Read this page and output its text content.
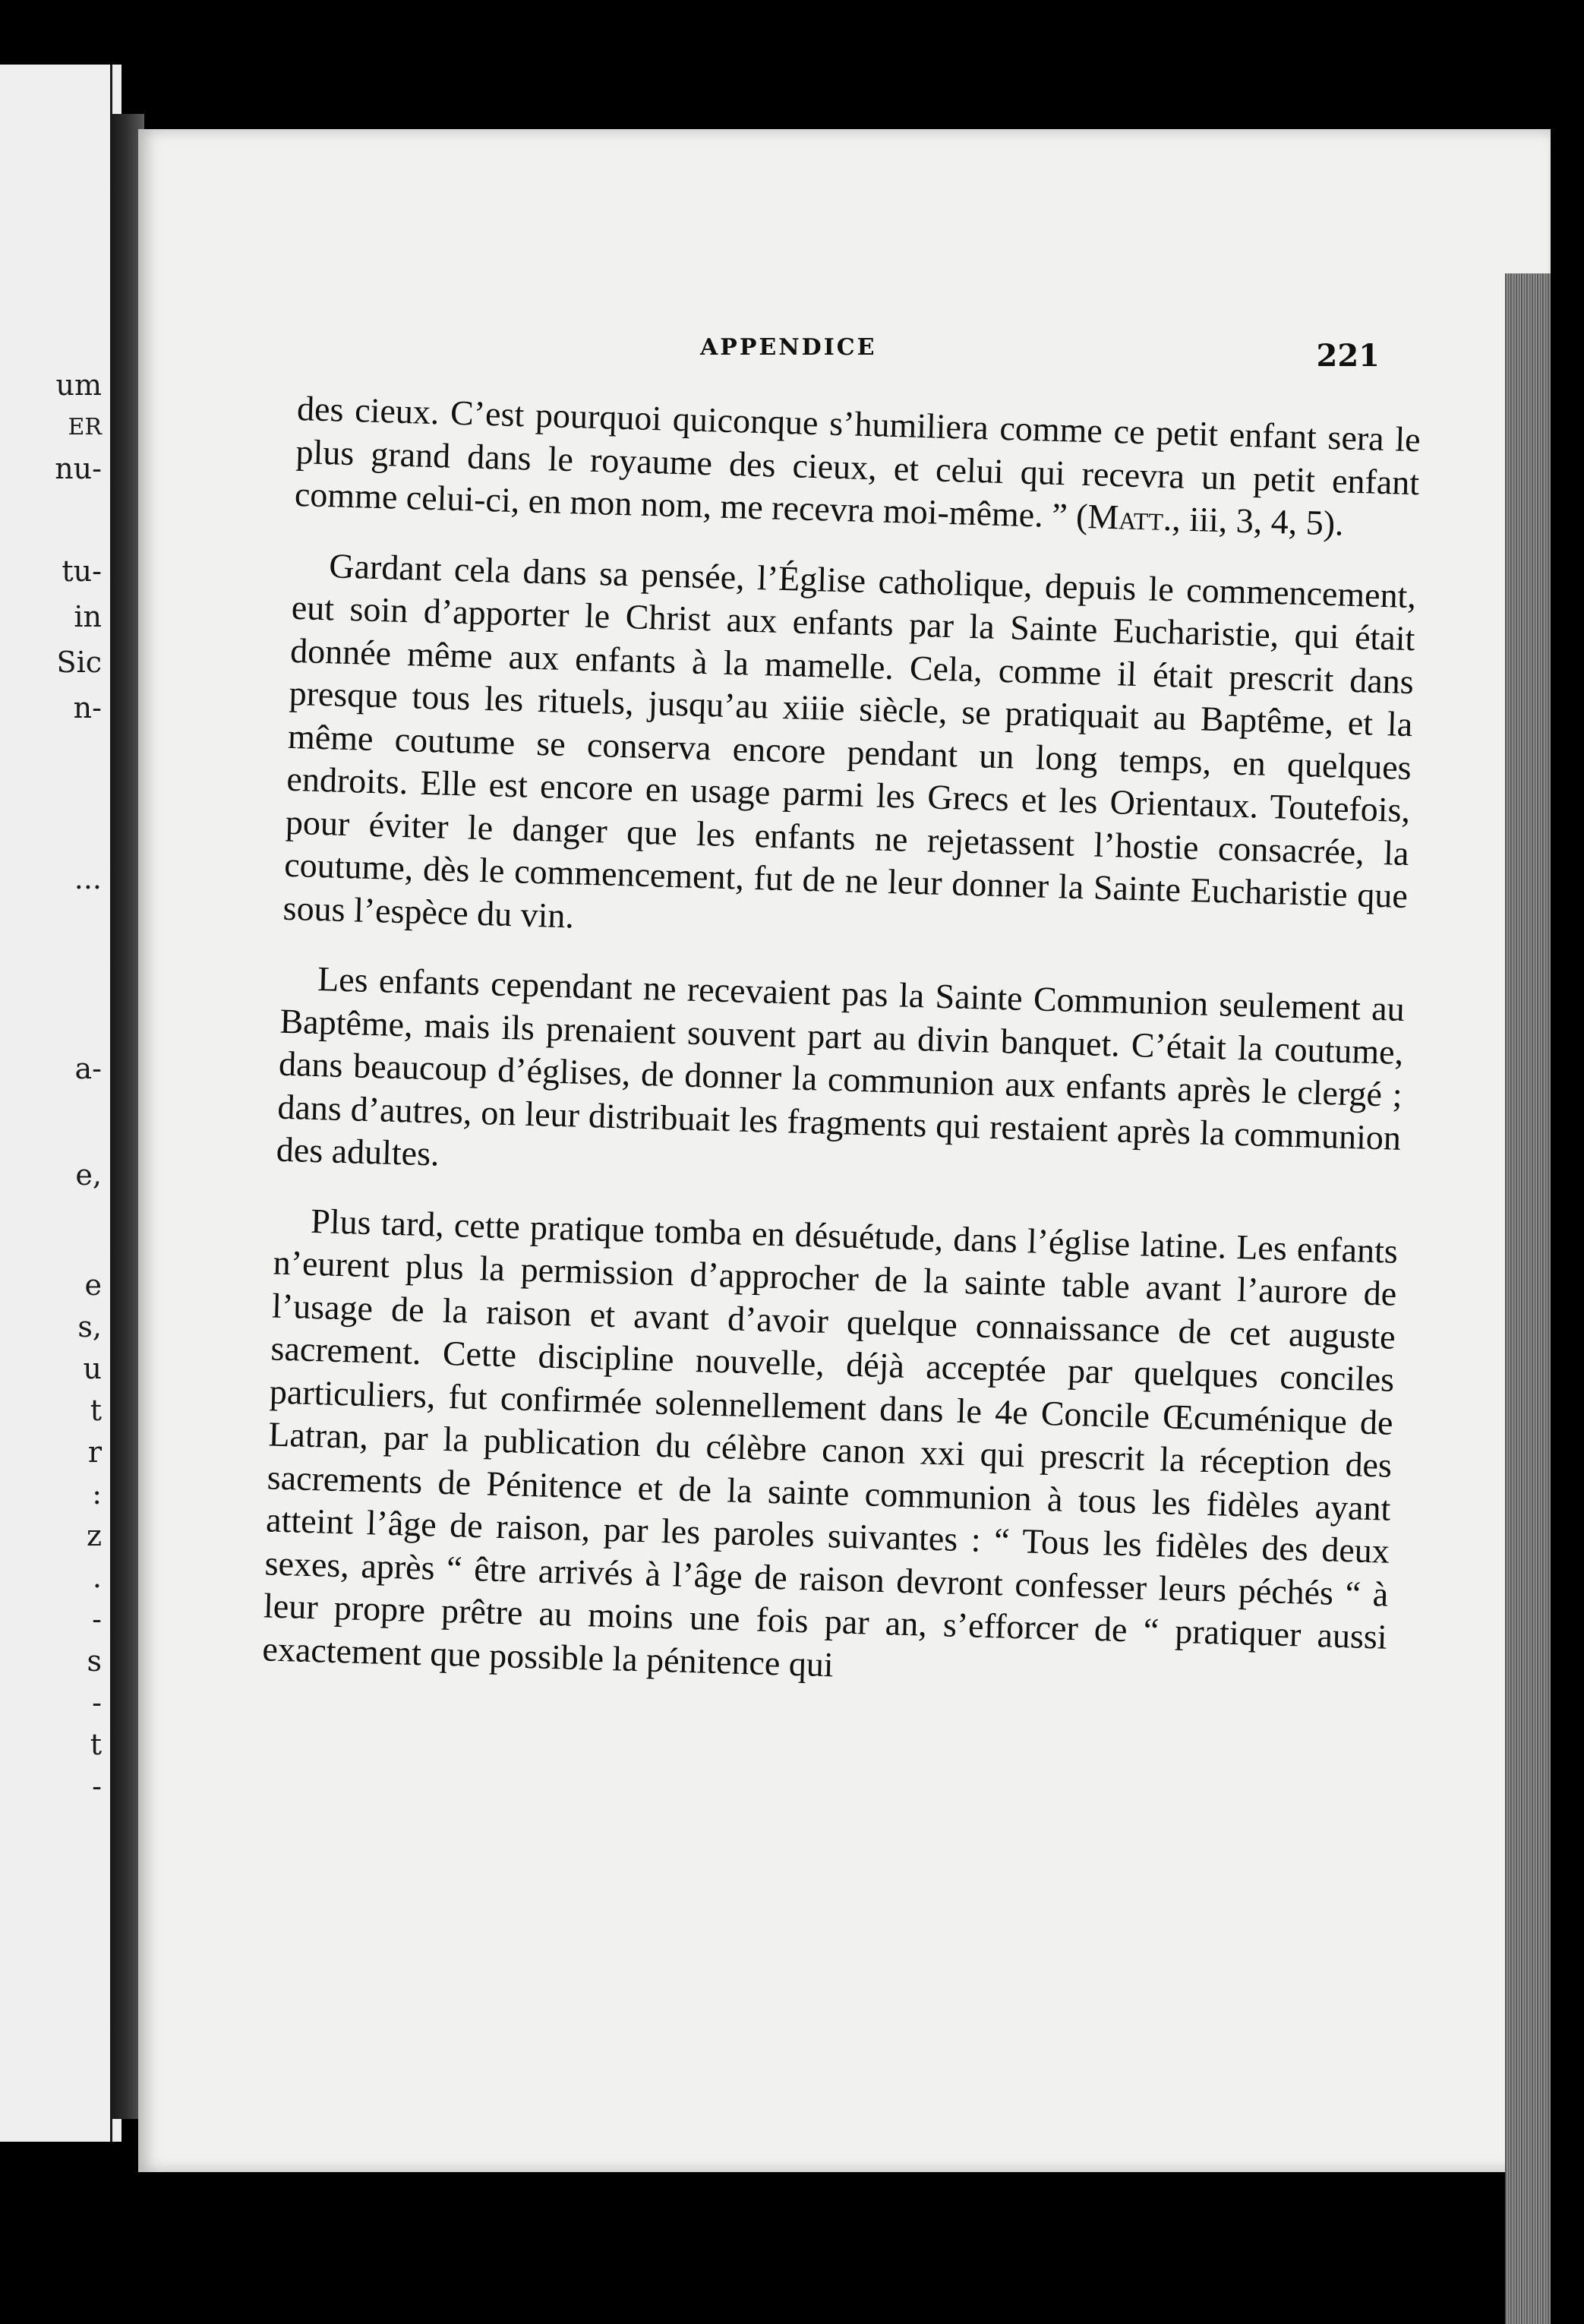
um
ER
nu-
tu-
in
Sic
n-
...
a-
e,
e
s,
u
t
r
:
z
.
-
s
-
t
-
APPENDICE	221

des cieux. C’est pourquoi quiconque s’humiliera comme ce petit enfant sera le plus grand dans le royaume des cieux, et celui qui recevra un petit enfant comme celui-ci, en mon nom, me recevra moi-même. ” (Matt., iii, 3, 4, 5).

Gardant cela dans sa pensée, l’Église catholique, depuis le commencement, eut soin d’apporter le Christ aux enfants par la Sainte Eucharistie, qui était donnée même aux enfants à la mamelle. Cela, comme il était prescrit dans presque tous les rituels, jusqu’au xiiie siècle, se pratiquait au Baptême, et la même coutume se conserva encore pendant un long temps, en quelques endroits. Elle est encore en usage parmi les Grecs et les Orientaux. Toutefois, pour éviter le danger que les enfants ne rejetassent l’hostie consacrée, la coutume, dès le commencement, fut de ne leur donner la Sainte Eucharistie que sous l’espèce du vin.

Les enfants cependant ne recevaient pas la Sainte Communion seulement au Baptême, mais ils prenaient souvent part au divin banquet. C’était la coutume, dans beaucoup d’églises, de donner la communion aux enfants après le clergé ; dans d’autres, on leur distribuait les fragments qui restaient après la communion des adultes.

Plus tard, cette pratique tomba en désuétude, dans l’église latine. Les enfants n’eurent plus la permission d’approcher de la sainte table avant l’aurore de l’usage de la raison et avant d’avoir quelque connaissance de cet auguste sacrement. Cette discipline nouvelle, déjà acceptée par quelques conciles particuliers, fut confirmée solennellement dans le 4e Concile Œcuménique de Latran, par la publication du célèbre canon xxi qui prescrit la réception des sacrements de Pénitence et de la sainte communion à tous les fidèles ayant atteint l’âge de raison, par les paroles suivantes : “ Tous les fidèles des deux sexes, après “ être arrivés à l’âge de raison devront confesser leurs péchés “ à leur propre prêtre au moins une fois par an, s’efforcer de “ pratiquer aussi exactement que possible la pénitence qui
